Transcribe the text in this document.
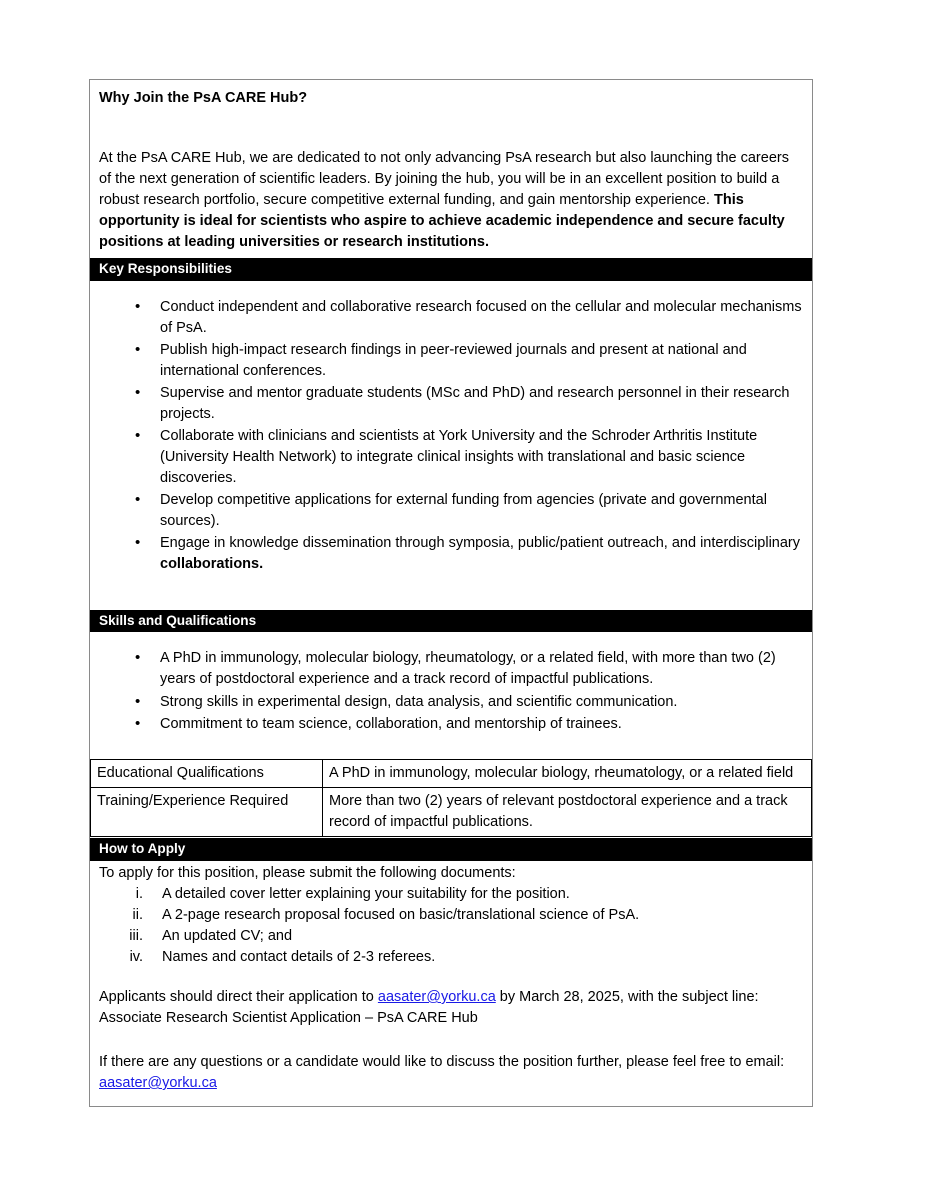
Why Join the PsA CARE Hub?

At the PsA CARE Hub, we are dedicated to not only advancing PsA research but also launching the careers of the next generation of scientific leaders. By joining the hub, you will be in an excellent position to build a robust research portfolio, secure competitive external funding, and gain mentorship experience. This opportunity is ideal for scientists who aspire to achieve academic independence and secure faculty positions at leading universities or research institutions.

Key Responsibilities
• Conduct independent and collaborative research focused on the cellular and molecular mechanisms of PsA.
• Publish high-impact research findings in peer-reviewed journals and present at national and international conferences.
• Supervise and mentor graduate students (MSc and PhD) and research personnel in their research projects.
• Collaborate with clinicians and scientists at York University and the Schroder Arthritis Institute (University Health Network) to integrate clinical insights with translational and basic science discoveries.
• Develop competitive applications for external funding from agencies (private and governmental sources).
• Engage in knowledge dissemination through symposia, public/patient outreach, and interdisciplinary collaborations.
Skills and Qualifications
• A PhD in immunology, molecular biology, rheumatology, or a related field, with more than two (2) years of postdoctoral experience and a track record of impactful publications.
• Strong skills in experimental design, data analysis, and scientific communication.
• Commitment to team science, collaboration, and mentorship of trainees.
Educational Qualifications	A PhD in immunology, molecular biology, rheumatology, or a related field
Training/Experience Required	More than two (2) years of relevant postdoctoral experience and a track record of impactful publications.
How to Apply

To apply for this position, please submit the following documents:

i. A detailed cover letter explaining your suitability for the position.
ii. A 2-page research proposal focused on basic/translational science of PsA.
iii. An updated CV; and
iv. Names and contact details of 2-3 referees.

Applicants should direct their application to aasater@yorku.ca by March 28, 2025, with the subject line: Associate Research Scientist Application – PsA CARE Hub

If there are any questions or a candidate would like to discuss the position further, please feel free to email: aasater@yorku.ca
